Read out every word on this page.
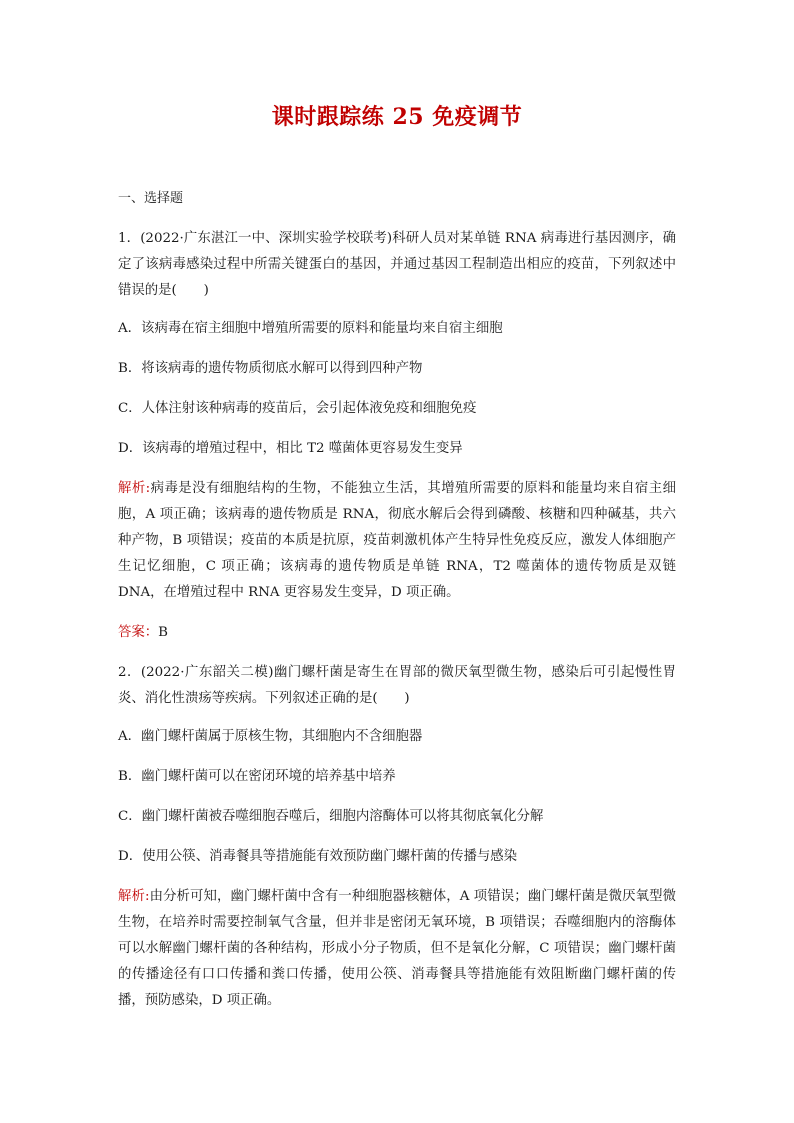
课时跟踪练 25 免疫调节
一、选择题

1．(2022·广东湛江一中、深圳实验学校联考)科研人员对某单链 RNA 病毒进行基因测序，确定了该病毒感染过程中所需关键蛋白的基因，并通过基因工程制造出相应的疫苗，下列叙述中错误的是(　　)

A．该病毒在宿主细胞中增殖所需要的原料和能量均来自宿主细胞

B．将该病毒的遗传物质彻底水解可以得到四种产物

C．人体注射该种病毒的疫苗后，会引起体液免疫和细胞免疫

D．该病毒的增殖过程中，相比 T2 噬菌体更容易发生变异

解析:病毒是没有细胞结构的生物，不能独立生活，其增殖所需要的原料和能量均来自宿主细胞，A 项正确；该病毒的遗传物质是 RNA，彻底水解后会得到磷酸、核糖和四种碱基，共六种产物，B 项错误；疫苗的本质是抗原，疫苗刺激机体产生特异性免疫反应，激发人体细胞产生记忆细胞，C 项正确；该病毒的遗传物质是单链 RNA，T2 噬菌体的遗传物质是双链 DNA，在增殖过程中 RNA 更容易发生变异，D 项正确。

答案：B

2．(2022·广东韶关二模)幽门螺杆菌是寄生在胃部的微厌氧型微生物，感染后可引起慢性胃炎、消化性溃疡等疾病。下列叙述正确的是(　　)

A．幽门螺杆菌属于原核生物，其细胞内不含细胞器

B．幽门螺杆菌可以在密闭环境的培养基中培养

C．幽门螺杆菌被吞噬细胞吞噬后，细胞内溶酶体可以将其彻底氧化分解

D．使用公筷、消毒餐具等措施能有效预防幽门螺杆菌的传播与感染

解析:由分析可知，幽门螺杆菌中含有一种细胞器核糖体，A 项错误；幽门螺杆菌是微厌氧型微生物，在培养时需要控制氧气含量，但并非是密闭无氧环境，B 项错误；吞噬细胞内的溶酶体可以水解幽门螺杆菌的各种结构，形成小分子物质，但不是氧化分解，C 项错误；幽门螺杆菌的传播途径有口口传播和粪口传播，使用公筷、消毒餐具等措施能有效阻断幽门螺杆菌的传播，预防感染，D 项正确。
